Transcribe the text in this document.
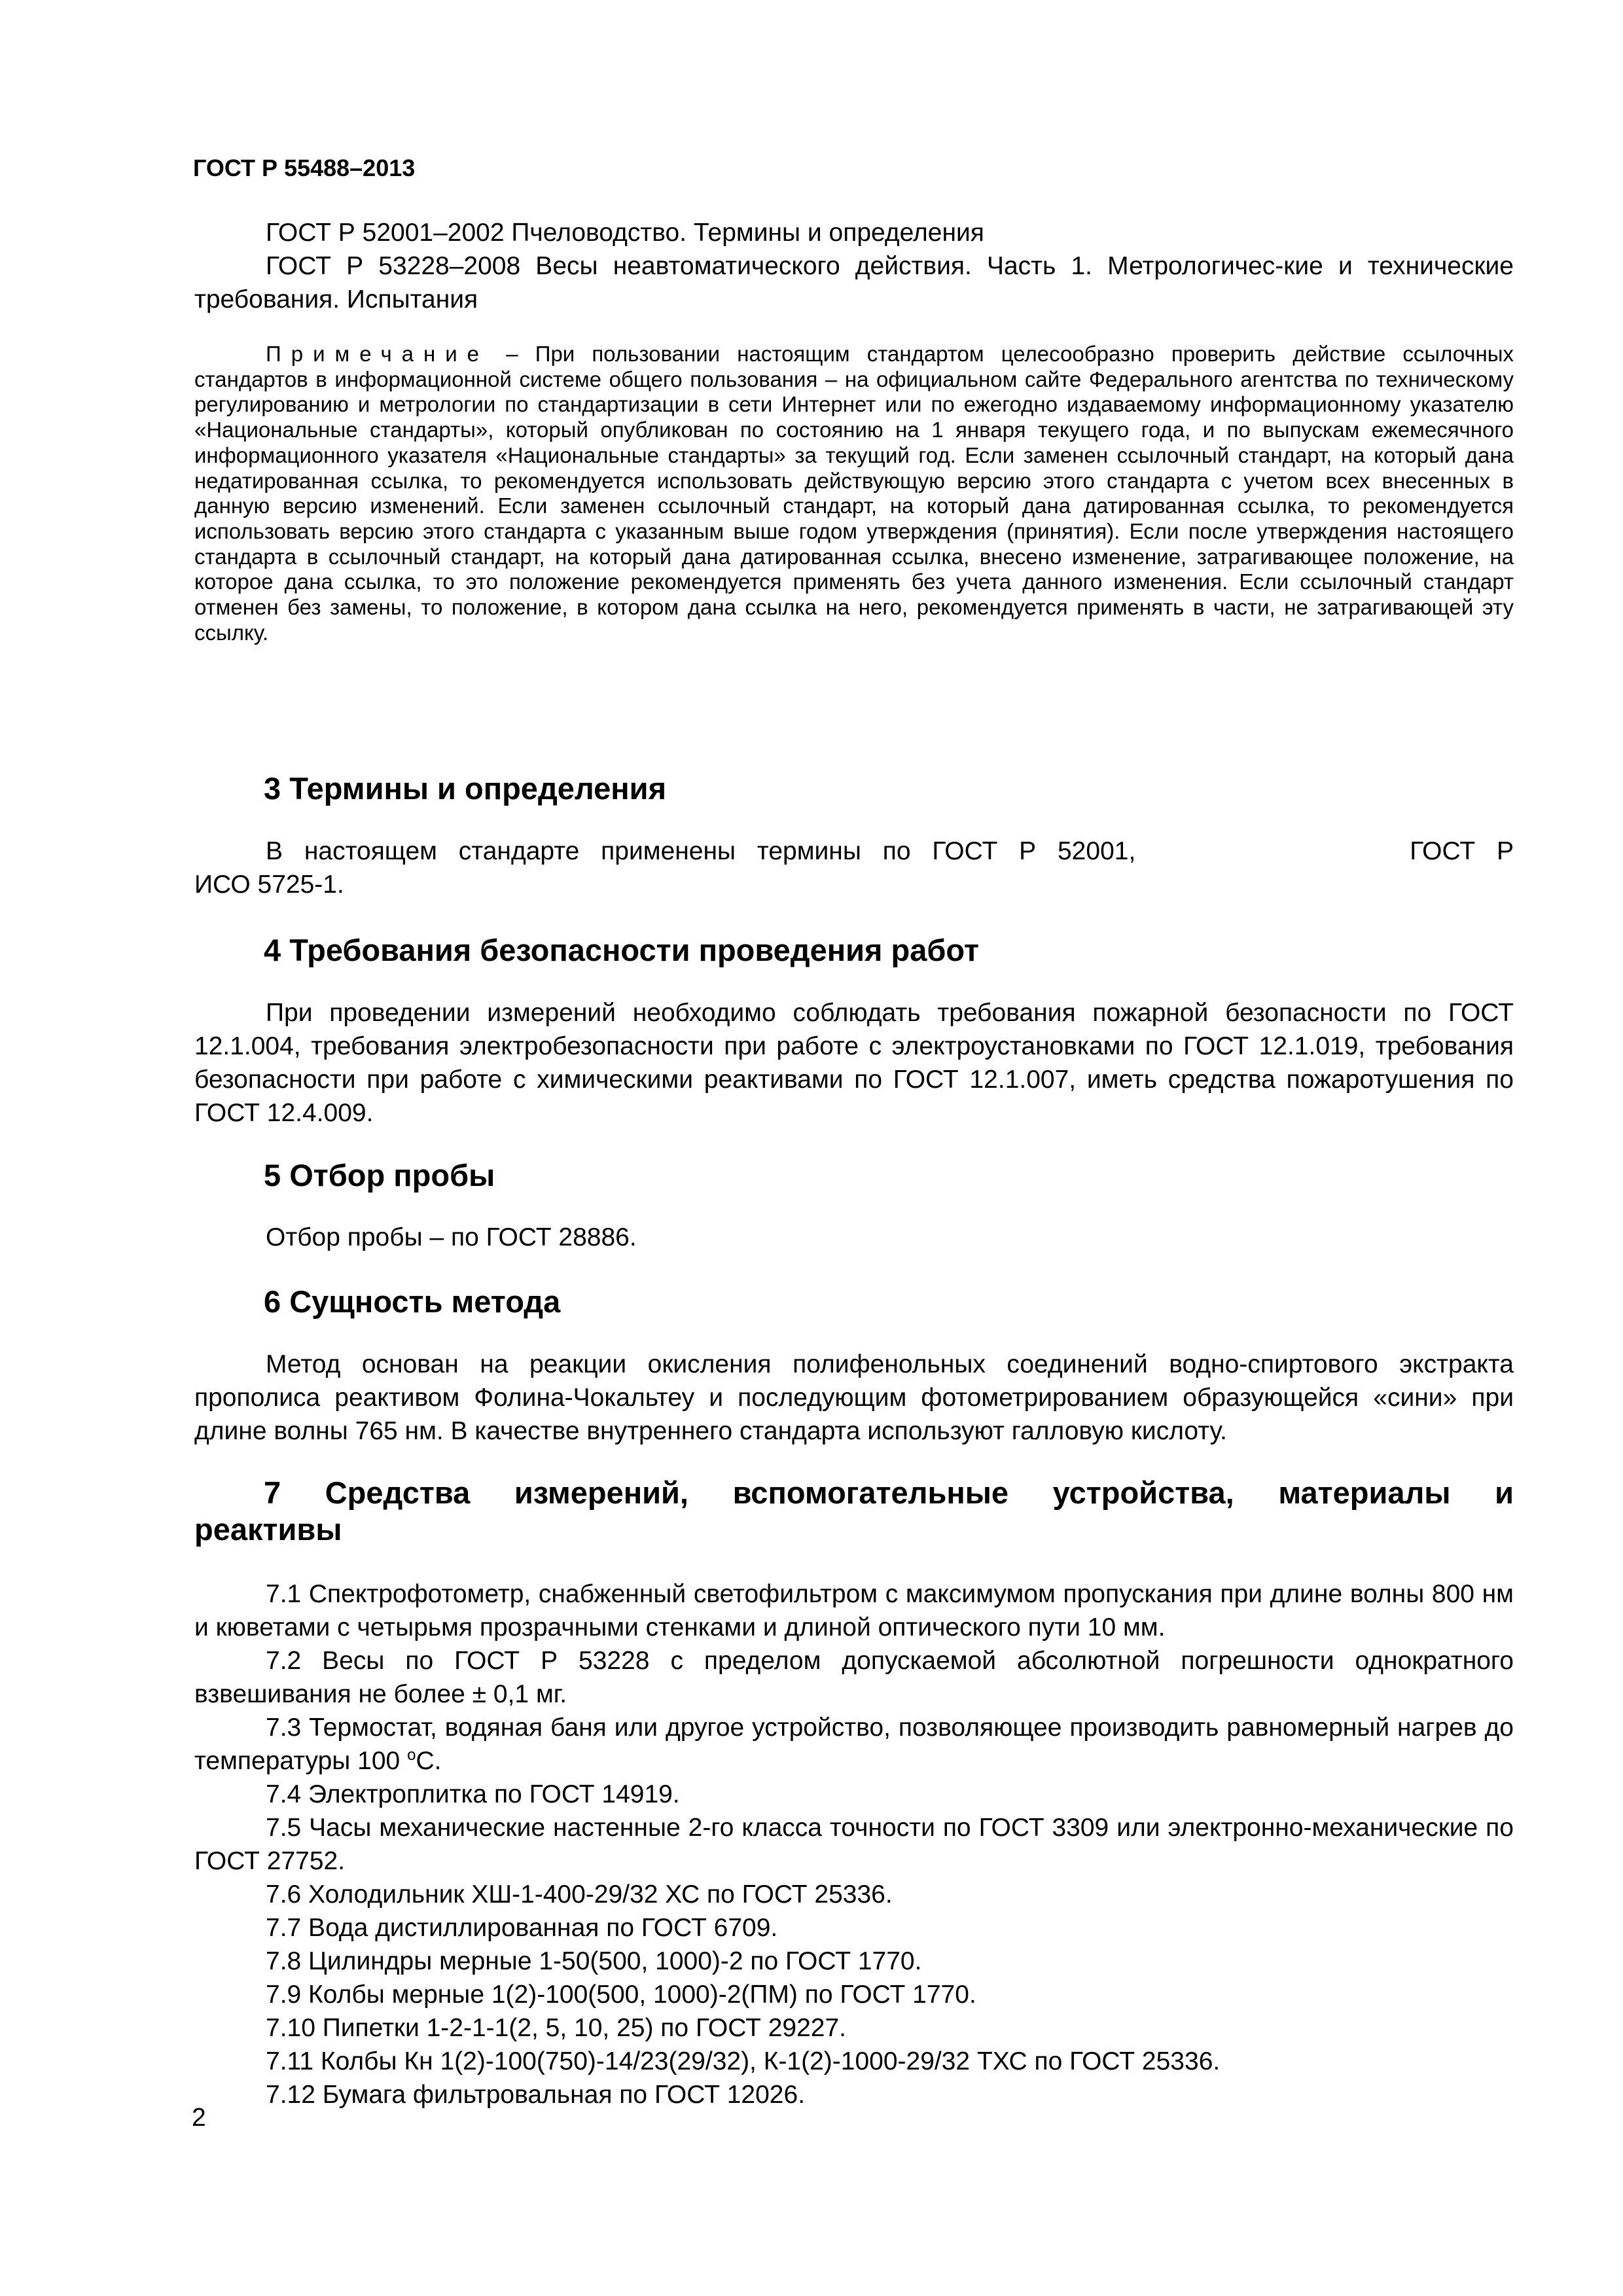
ГОСТ Р 55488–2013

ГОСТ Р 52001–2002 Пчеловодство. Термины и определения

ГОСТ Р 53228–2008 Весы неавтоматического действия. Часть 1. Метрологичес-кие и технические требования. Испытания

Примечание – При пользовании настоящим стандартом целесообразно проверить действие ссылочных стандартов в информационной системе общего пользования – на официальном сайте Федерального агентства по техническому регулированию и метрологии по стандартизации в сети Интернет или по ежегодно издаваемому информационному указателю «Национальные стандарты», который опубликован по состоянию на 1 января текущего года, и по выпускам ежемесячного информационного указателя «Национальные стандарты» за текущий год. Если заменен ссылочный стандарт, на который дана недатированная ссылка, то рекомендуется использовать действующую версию этого стандарта с учетом всех внесенных в данную версию изменений. Если заменен ссылочный стандарт, на который дана датированная ссылка, то рекомендуется использовать версию этого стандарта с указанным выше годом утверждения (принятия). Если после утверждения настоящего стандарта в ссылочный стандарт, на который дана датированная ссылка, внесено изменение, затрагивающее положение, на которое дана ссылка, то это положение рекомендуется применять без учета данного изменения. Если ссылочный стандарт отменен без замены, то положение, в котором дана ссылка на него, рекомендуется применять в части, не затрагивающей эту ссылку.

3 Термины и определения

В настоящем стандарте применены термины по ГОСТ Р 52001,	ГОСТ Р

ИСО 5725-1.

4 Требования безопасности проведения работ

При проведении измерений необходимо соблюдать требования пожарной безопасности по ГОСТ 12.1.004, требования электробезопасности при работе с электроустановками по ГОСТ 12.1.019, требования безопасности при работе с химическими реактивами по ГОСТ 12.1.007, иметь средства пожаротушения по ГОСТ 12.4.009.

5 Отбор пробы

Отбор пробы – по ГОСТ 28886.

6 Сущность метода

Метод основан на реакции окисления полифенольных соединений водно-спиртового экстракта прополиса реактивом Фолина-Чокальтеу и последующим фотометрированием образующейся «сини» при длине волны 765 нм. В качестве внутреннего стандарта используют галловую кислоту.

7 Средства измерений, вспомогательные устройства, материалы и реактивы

7.1 Спектрофотометр, снабженный светофильтром с максимумом пропускания при длине волны 800 нм и кюветами с четырьмя прозрачными стенками и длиной оптического пути 10 мм.

7.2 Весы по ГОСТ Р 53228 с пределом допускаемой абсолютной погрешности однократного взвешивания не более ± 0,1 мг.

7.3 Термостат, водяная баня или другое устройство, позволяющее производить равномерный нагрев до температуры 100 $^о$С.

7.4 Электроплитка по ГОСТ 14919.

7.5 Часы механические настенные 2-го класса точности по ГОСТ 3309 или электронно-механические по ГОСТ 27752.

7.6 Холодильник ХШ-1-400-29/32 ХС по ГОСТ 25336.

7.7 Вода дистиллированная по ГОСТ 6709.

7.8 Цилиндры мерные 1-50(500, 1000)-2 по ГОСТ 1770.

7.9 Колбы мерные 1(2)-100(500, 1000)-2(ПМ) по ГОСТ 1770.

7.10 Пипетки 1-2-1-1(2, 5, 10, 25) по ГОСТ 29227.

7.11 Колбы Кн 1(2)-100(750)-14/23(29/32), К-1(2)-1000-29/32 ТХС по ГОСТ 25336.

7.12 Бумага фильтровальная по ГОСТ 12026.

2
